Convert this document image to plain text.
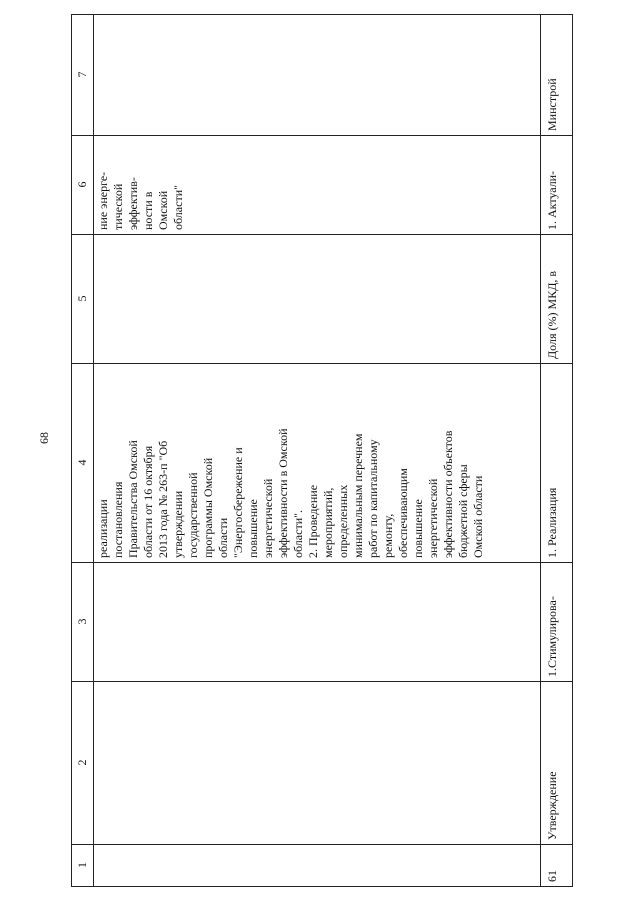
68
1
2
3
4
5
6
7
реализации
постановления
Правительства Омской
области от 16 октября
2013 года № 263-п "Об
утверждении
государственной
программы Омской
области
"Энергосбережение и
повышение
энергетической
эффективности в Омской
области".
2. Проведение
мероприятий,
определенных
минимальным перечнем
работ по капитальному
ремонту,
обеспечивающим
повышение
энергетической
эффективности объектов
бюджетной сферы
Омской области
ние энерге-
тической
эффектив-
ности в
Омской
области"
61
Утверждение
1.Стимулирова-
1. Реализация
Доля (%) МКД, в
1. Актуали-
Минстрой
